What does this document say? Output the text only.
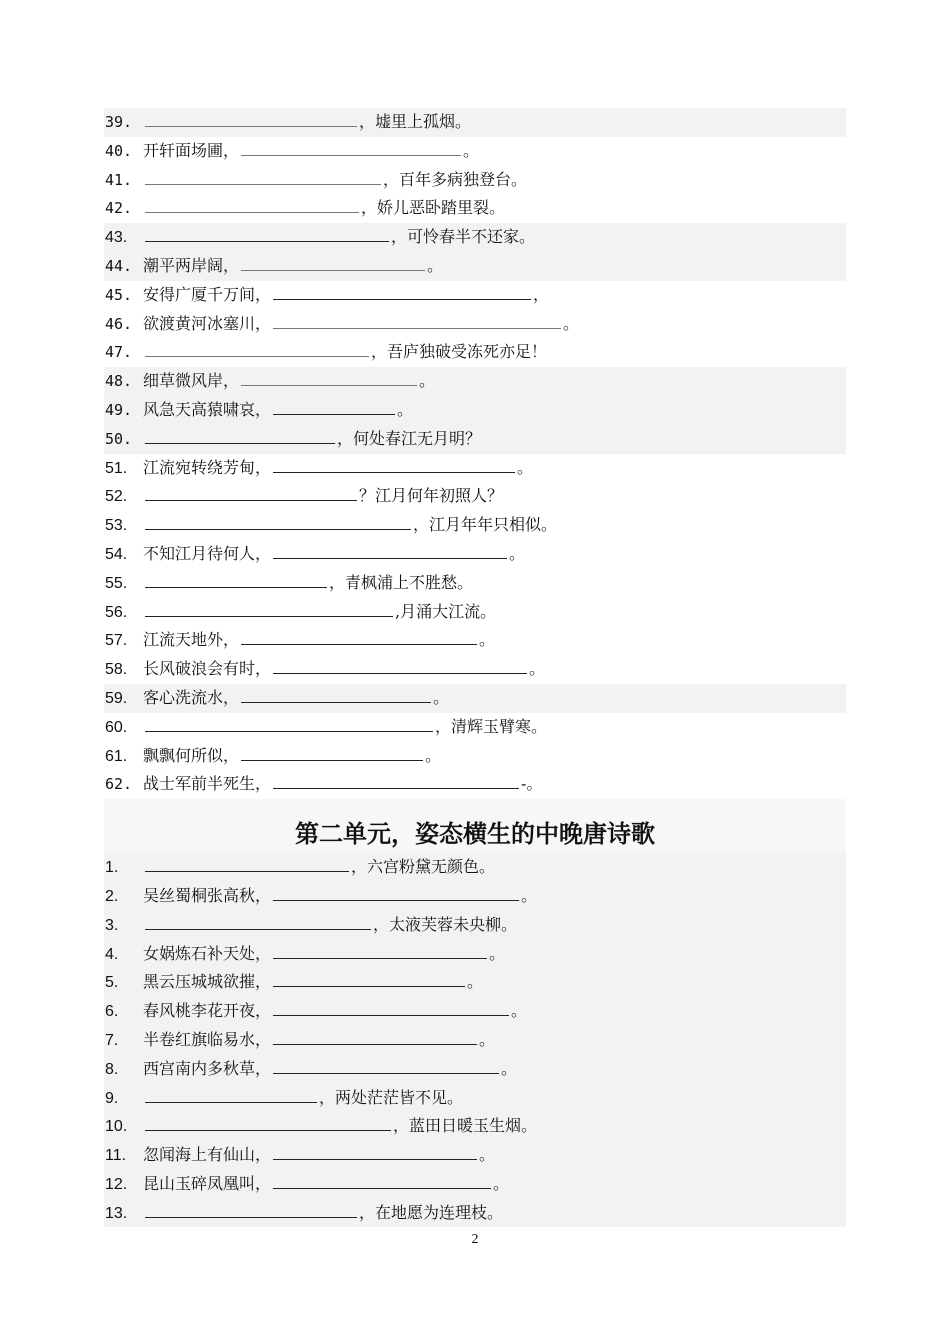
39.	，墟里上孤烟。
40. 开轩面场圃，	。
41.	，百年多病独登台。
42.	，娇儿恶卧踏里裂。
43.	，可怜春半不还家。
44. 潮平两岸阔，	。
45. 安得广厦千万间，	，
46. 欲渡黄河冰塞川，	。
47.	，吾庐独破受冻死亦足！
48. 细草微风岸，	。
49. 风急天高猿啸哀，	。
50.	，何处春江无月明？
51. 江流宛转绕芳甸，	。
52.	？江月何年初照人？
53.	，江月年年只相似。
54. 不知江月待何人，	。
55.	，青枫浦上不胜愁。
56.	,月涌大江流。
57. 江流天地外，	。
58. 长风破浪会有时，	。
59. 客心洗流水，	。
60.	，清辉玉臂寒。
61. 飘飘何所似，	。
62. 战士军前半死生，	-。
第二单元，姿态横生的中晚唐诗歌
1.	，六宫粉黛无颜色。
2. 吴丝蜀桐张高秋，	。
3.	，太液芙蓉未央柳。
4. 女娲炼石补天处，	。
5. 黑云压城城欲摧，	。
6. 春风桃李花开夜，	。
7. 半卷红旗临易水，	。
8. 西宫南内多秋草，	。
9.	，两处茫茫皆不见。
10.	，蓝田日暖玉生烟。
11. 忽闻海上有仙山，	。
12. 昆山玉碎凤凰叫，	。
13.	，在地愿为连理枝。
2
